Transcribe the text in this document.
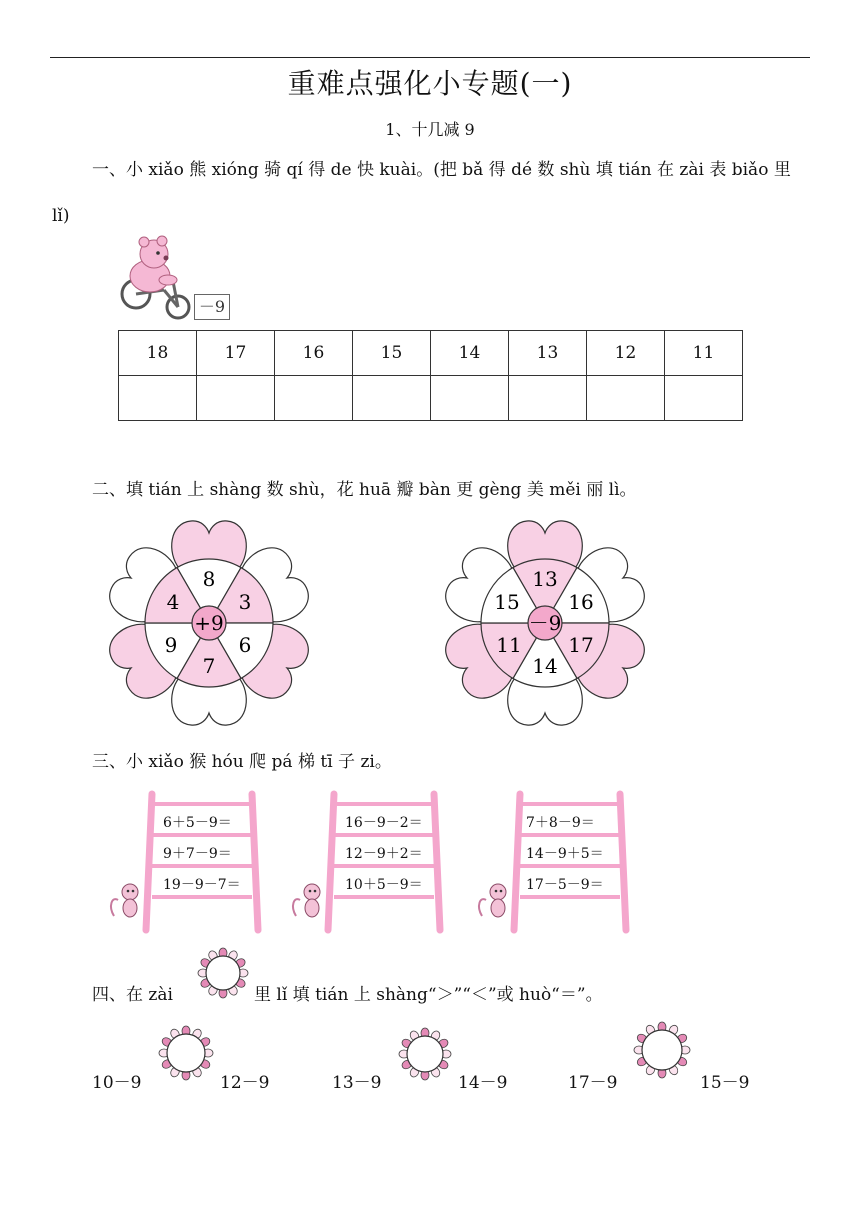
重难点强化小专题(一)
1、十几减 9
一、小 xiǎo 熊 xióng 骑 qí 得 de 快 kuài。(把 bǎ 得 dé 数 shù 填 tián 在 zài 表 biǎo 里
lǐ)
－9
18	17	16	15	14	13	12	11

二、填 tián 上 shàng 数 shù，花 huā 瓣 bàn 更 gèng 美 měi 丽 lì。
+9
8
3
6
7
9
4
－9
13
16
17
14
11
15
三、小 xiǎo 猴 hóu 爬 pá 梯 tī 子 zi。
6＋5－9＝
9＋7－9＝
19－9－7＝
16－9－2＝
12－9＋2＝
10＋5－9＝
7＋8－9＝
14－9＋5＝
17－5－9＝
四、在 zài	里 lǐ 填 tián 上 shàng“＞”“＜”或 huò“＝”。
10－9	12－9	13－9	14－9	17－9	15－9
